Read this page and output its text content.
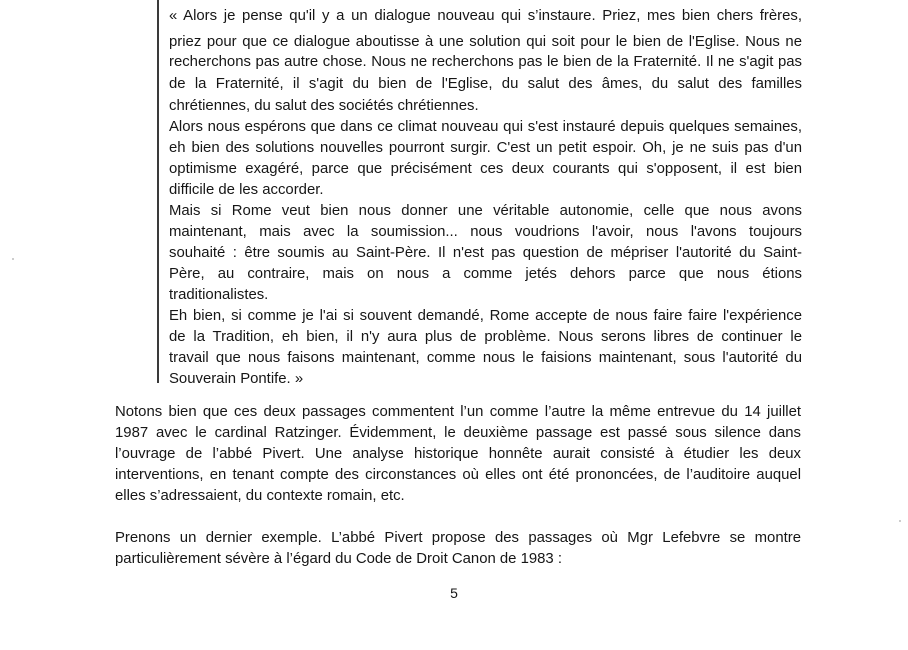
« Alors je pense qu'il y a un dialogue nouveau qui s’instaure. Priez, mes bien chers frères,
priez pour que ce dialogue aboutisse à une solution qui soit pour le bien de l'Eglise. Nous ne
recherchons pas autre chose. Nous ne recherchons pas le bien de la Fraternité. Il ne s'agit pas
de la Fraternité, il s'agit du bien de l'Eglise, du salut des âmes, du salut des familles
chrétiennes, du salut des sociétés chrétiennes.
Alors nous espérons que dans ce climat nouveau qui s'est instauré depuis quelques semaines,
eh bien des solutions nouvelles pourront surgir. C'est un petit espoir. Oh, je ne suis pas d'un
optimisme exagéré, parce que précisément ces deux courants qui s'opposent, il est bien
difficile de les accorder.
Mais si Rome veut bien nous donner une véritable autonomie, celle que nous avons
maintenant, mais avec la soumission... nous voudrions l'avoir, nous l'avons toujours
souhaité : être soumis au Saint-Père. Il n'est pas question de mépriser l'autorité du Saint-
Père, au contraire, mais on nous a comme jetés dehors parce que nous étions
traditionalistes.
Eh bien, si comme je l'ai si souvent demandé, Rome accepte de nous faire faire l'expérience
de la Tradition, eh bien, il n'y aura plus de problème. Nous serons libres de continuer le
travail que nous faisons maintenant, comme nous le faisions maintenant, sous l'autorité du
Souverain Pontife. »
Notons bien que ces deux passages commentent l’un comme l’autre la même entrevue du 14 juillet
1987 avec le cardinal Ratzinger. Évidemment, le deuxième passage est passé sous silence dans
l’ouvrage de l’abbé Pivert. Une analyse historique honnête aurait consisté à étudier les deux
interventions, en tenant compte des circonstances où elles ont été prononcées, de l’auditoire auquel
elles s’adressaient, du contexte romain, etc.
Prenons un dernier exemple. L’abbé Pivert propose des passages où Mgr Lefebvre se montre
particulièrement sévère à l’égard du Code de Droit Canon de 1983 :
5
